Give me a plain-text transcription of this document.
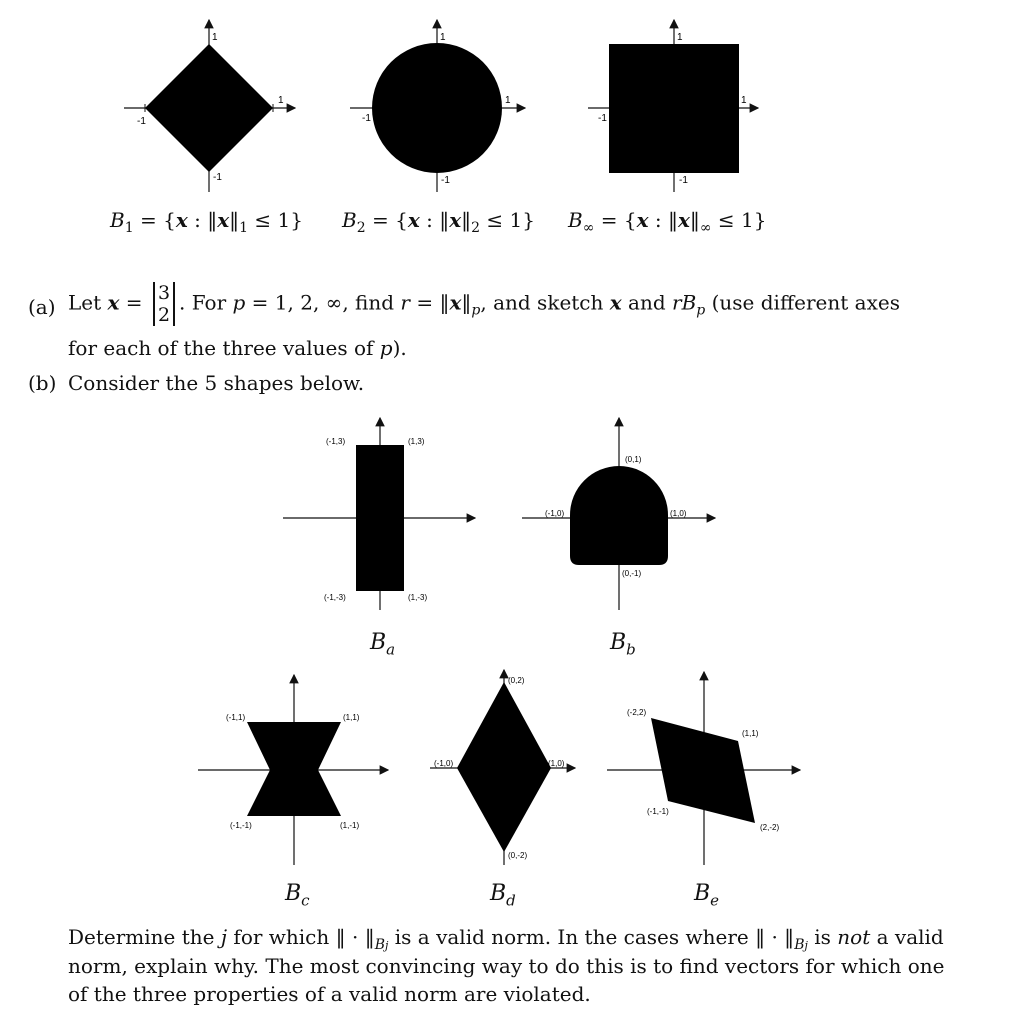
1
1
-1
-1
1
1
-1
-1
1
1
-1
-1
$B_1 = \{x$ : $‖x‖_1 \le 1$} $B_2 = \{x$ : $‖x‖_2 \le 1$} $B_\infty = \{x$ : $‖x‖_\infty \le 1$}
(a) Let x = 3
2
. For p = 1, 2, ∞, find $r = ‖x‖_p$, and sketch x and $rB_p$ (use different axes
for each of the three values of p).
(b) Consider the 5 shapes below.
(-1,3)	(1,3)
(-1,-3)	(1,-3)
(0,1)
(-1,0)	(1,0)
(0,-1)
(-1,1)	(1,1)
(-1,-1)	(1,-1)
(0,2)
(-1,0)	(1,0)
(0,-2)
(-2,2)
(1,1)
(-1,-1)
(2,-2)
$B_a$	$B_b$
$B_c$	$B_d$	$B_e$
Determine the j for which ‖ · $‖_{Bj}$ is a valid norm. In the cases where ‖ · $‖_{Bj}$ is not a valid
norm, explain why. The most convincing way to do this is to find vectors for which one
of the three properties of a valid norm are violated.
